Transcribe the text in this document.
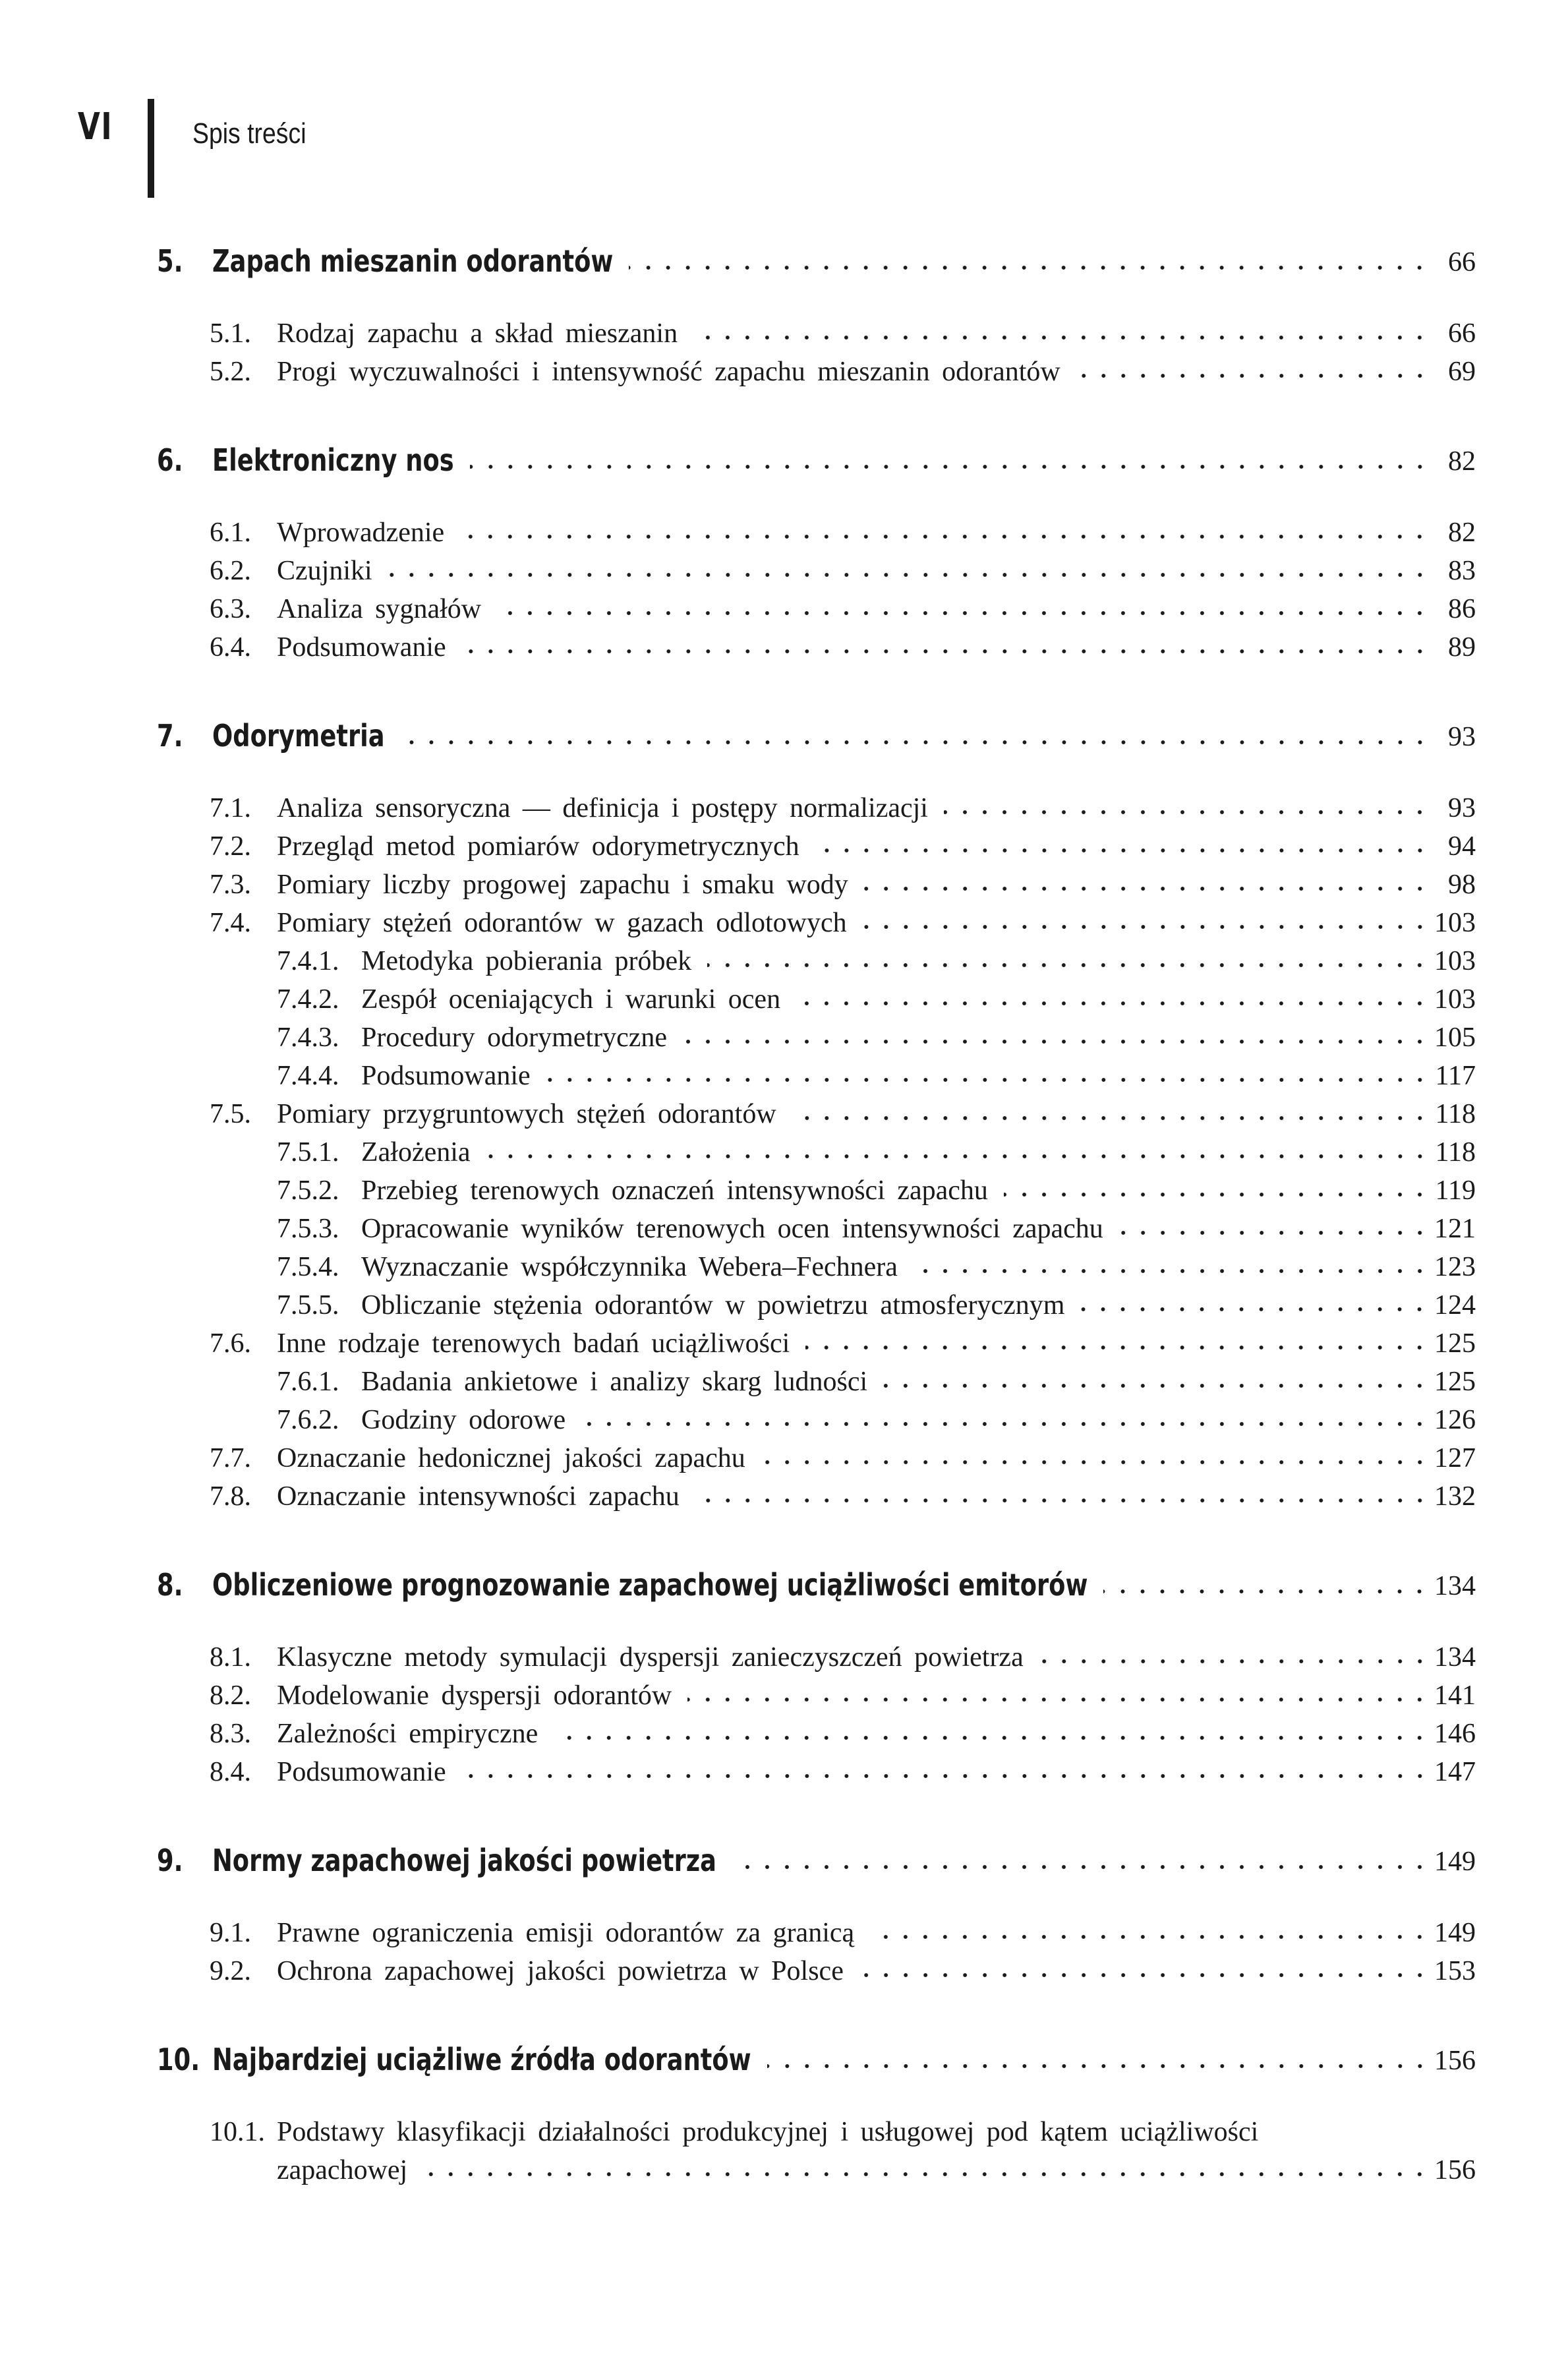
VI	Spis treści
5. Zapach mieszanin odorantów	66
5.1. Rodzaj zapachu a skład mieszanin	66
5.2. Progi wyczuwalności i intensywność zapachu mieszanin odorantów	69
6. Elektroniczny nos	82
6.1. Wprowadzenie	82
6.2. Czujniki	83
6.3. Analiza sygnałów	86
6.4. Podsumowanie	89
7. Odorymetria	93
7.1. Analiza sensoryczna — definicja i postępy normalizacji	93
7.2. Przegląd metod pomiarów odorymetrycznych	94
7.3. Pomiary liczby progowej zapachu i smaku wody	98
7.4. Pomiary stężeń odorantów w gazach odlotowych	103
7.4.1. Metodyka pobierania próbek	103
7.4.2. Zespół oceniających i warunki ocen	103
7.4.3. Procedury odorymetryczne	105
7.4.4. Podsumowanie	117
7.5. Pomiary przygruntowych stężeń odorantów	118
7.5.1. Założenia	118
7.5.2. Przebieg terenowych oznaczeń intensywności zapachu	119
7.5.3. Opracowanie wyników terenowych ocen intensywności zapachu	121
7.5.4. Wyznaczanie współczynnika Webera–Fechnera	123
7.5.5. Obliczanie stężenia odorantów w powietrzu atmosferycznym	124
7.6. Inne rodzaje terenowych badań uciążliwości	125
7.6.1. Badania ankietowe i analizy skarg ludności	125
7.6.2. Godziny odorowe	126
7.7. Oznaczanie hedonicznej jakości zapachu	127
7.8. Oznaczanie intensywności zapachu	132
8. Obliczeniowe prognozowanie zapachowej uciążliwości emitorów	134
8.1. Klasyczne metody symulacji dyspersji zanieczyszczeń powietrza	134
8.2. Modelowanie dyspersji odorantów	141
8.3. Zależności empiryczne	146
8.4. Podsumowanie	147
9. Normy zapachowej jakości powietrza	149
9.1. Prawne ograniczenia emisji odorantów za granicą	149
9.2. Ochrona zapachowej jakości powietrza w Polsce	153
10. Najbardziej uciążliwe źródła odorantów	156
10.1. Podstawy klasyfikacji działalności produkcyjnej i usługowej pod kątem uciążliwości
zapachowej	156
